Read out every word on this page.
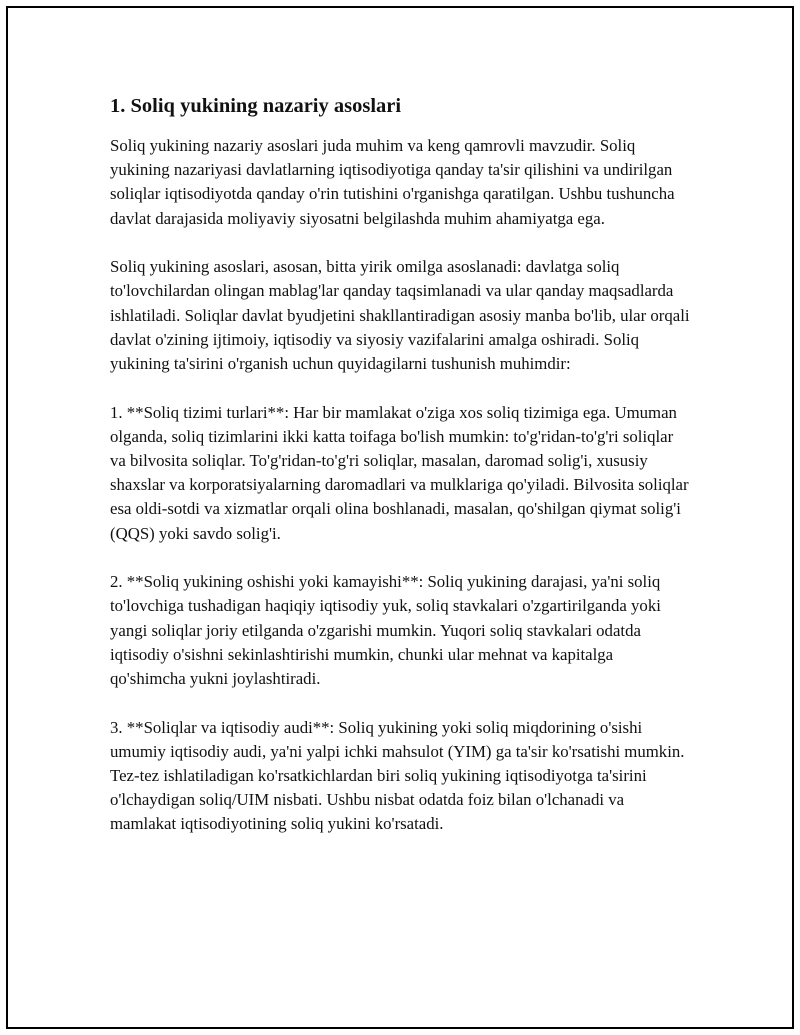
1. Soliq yukining nazariy asoslari

Soliq yukining nazariy asoslari juda muhim va keng qamrovli mavzudir. Soliq yukining nazariyasi davlatlarning iqtisodiyotiga qanday ta'sir qilishini va undirilgan soliqlar iqtisodiyotda qanday o'rin tutishini o'rganishga qaratilgan. Ushbu tushuncha davlat darajasida moliyaviy siyosatni belgilashda muhim ahamiyatga ega.

Soliq yukining asoslari, asosan, bitta yirik omilga asoslanadi: davlatga soliq to'lovchilardan olingan mablag'lar qanday taqsimlanadi va ular qanday maqsadlarda ishlatiladi. Soliqlar davlat byudjetini shakllantiradigan asosiy manba bo'lib, ular orqali davlat o'zining ijtimoiy, iqtisodiy va siyosiy vazifalarini amalga oshiradi. Soliq yukining ta'sirini o'rganish uchun quyidagilarni tushunish muhimdir:

1. **Soliq tizimi turlari**: Har bir mamlakat o'ziga xos soliq tizimiga ega. Umuman olganda, soliq tizimlarini ikki katta toifaga bo'lish mumkin: to'g'ridan-to'g'ri soliqlar va bilvosita soliqlar. To'g'ridan-to'g'ri soliqlar, masalan, daromad solig'i, xususiy shaxslar va korporatsiyalarning daromadlari va mulklariga qo'yiladi. Bilvosita soliqlar esa oldi-sotdi va xizmatlar orqali olina boshlanadi, masalan, qo'shilgan qiymat solig'i (QQS) yoki savdo solig'i.

2. **Soliq yukining oshishi yoki kamayishi**: Soliq yukining darajasi, ya'ni soliq to'lovchiga tushadigan haqiqiy iqtisodiy yuk, soliq stavkalari o'zgartirilganda yoki yangi soliqlar joriy etilganda o'zgarishi mumkin. Yuqori soliq stavkalari odatda iqtisodiy o'sishni sekinlashtirishi mumkin, chunki ular mehnat va kapitalga qo'shimcha yukni joylashtiradi.

3. **Soliqlar va iqtisodiy audi**: Soliq yukining yoki soliq miqdorining o'sishi umumiy iqtisodiy audi, ya'ni yalpi ichki mahsulot (YIM) ga ta'sir ko'rsatishi mumkin. Tez-tez ishlatiladigan ko'rsatkichlardan biri soliq yukining iqtisodiyotga ta'sirini o'lchaydigan soliq/UIM nisbati. Ushbu nisbat odatda foiz bilan o'lchanadi va mamlakat iqtisodiyotining soliq yukini ko'rsatadi.
